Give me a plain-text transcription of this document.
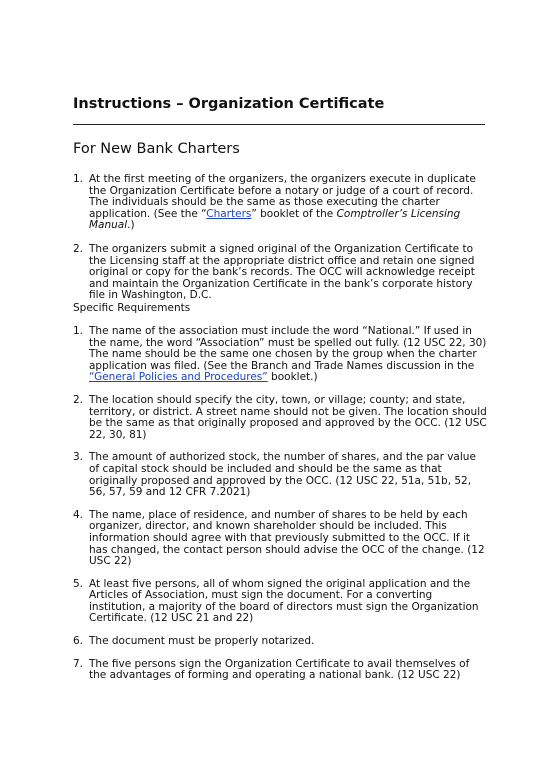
Instructions – Organization Certificate
For New Bank Charters
1. At the first meeting of the organizers, the organizers execute in duplicate the Organization Certificate before a notary or judge of a court of record. The individuals should be the same as those executing the charter application. (See the “Charters” booklet of the Comptroller’s Licensing Manual.)
2. The organizers submit a signed original of the Organization Certificate to the Licensing staff at the appropriate district office and retain one signed original or copy for the bank’s records. The OCC will acknowledge receipt and maintain the Organization Certificate in the bank’s corporate history file in Washington, D.C.
Specific Requirements
1. The name of the association must include the word “National.” If used in the name, the word “Association” must be spelled out fully. (12 USC 22, 30) The name should be the same one chosen by the group when the charter application was filed. (See the Branch and Trade Names discussion in the “General Policies and Procedures” booklet.)
2. The location should specify the city, town, or village; county; and state, territory, or district. A street name should not be given. The location should be the same as that originally proposed and approved by the OCC. (12 USC 22, 30, 81)
3. The amount of authorized stock, the number of shares, and the par value of capital stock should be included and should be the same as that originally proposed and approved by the OCC. (12 USC 22, 51a, 51b, 52, 56, 57, 59 and 12 CFR 7.2021)
4. The name, place of residence, and number of shares to be held by each organizer, director, and known shareholder should be included. This information should agree with that previously submitted to the OCC. If it has changed, the contact person should advise the OCC of the change. (12 USC 22)
5. At least five persons, all of whom signed the original application and the Articles of Association, must sign the document. For a converting institution, a majority of the board of directors must sign the Organization Certificate. (12 USC 21 and 22)
6. The document must be properly notarized.
7. The five persons sign the Organization Certificate to avail themselves of the advantages of forming and operating a national bank. (12 USC 22)
